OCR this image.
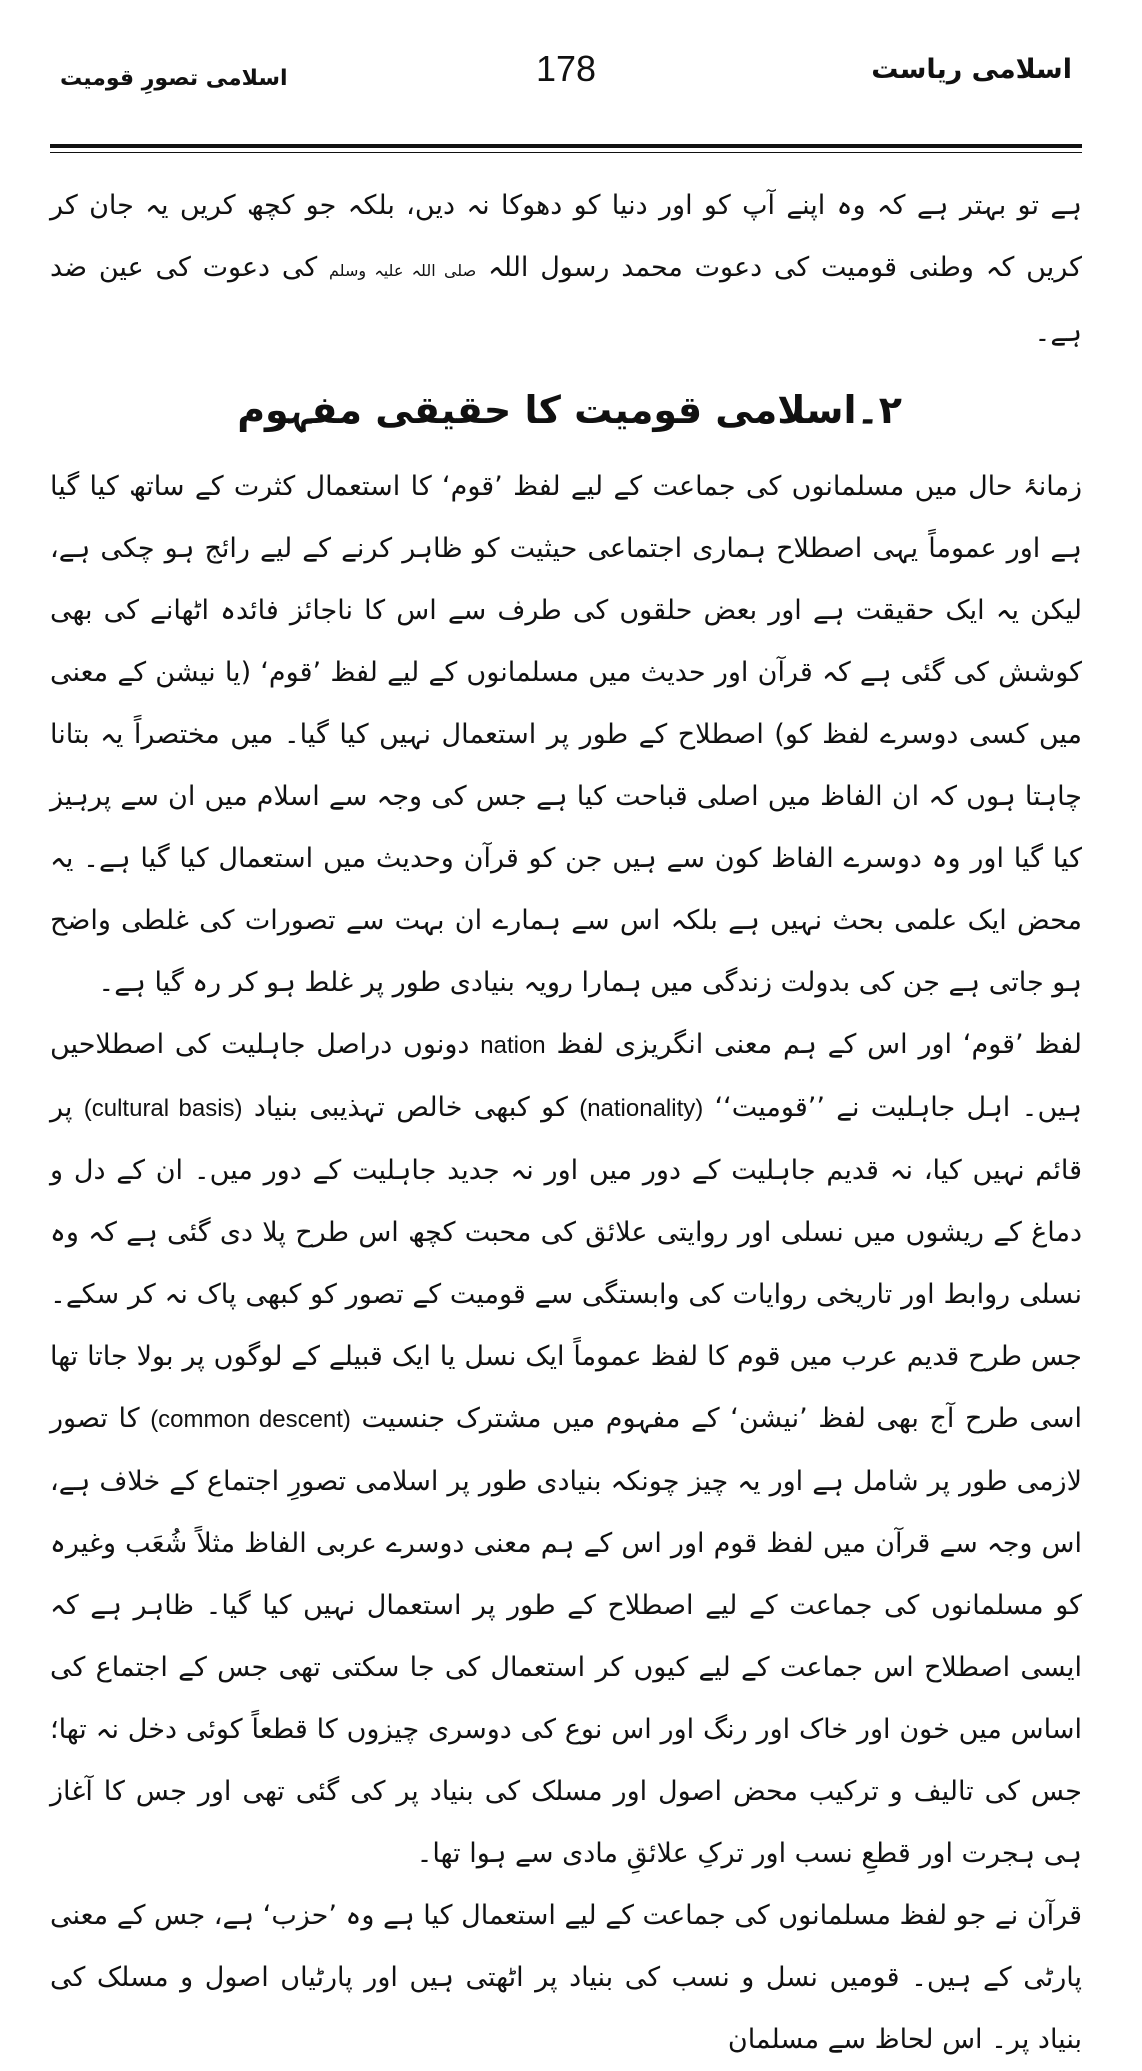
اسلامی ریاست
178
اسلامی تصورِ قومیت

ہے تو بہتر ہے کہ وہ اپنے آپ کو اور دنیا کو دھوکا نہ دیں، بلکہ جو کچھ کریں یہ جان کر کریں کہ وطنی قومیت کی دعوت محمد رسول اللہ صلی اللہ علیہ وسلم کی دعوت کی عین ضد ہے۔

۲۔اسلامی قومیت کا حقیقی مفہوم

زمانۂ حال میں مسلمانوں کی جماعت کے لیے لفظ ’قوم‘ کا استعمال کثرت کے ساتھ کیا گیا ہے اور عموماً یہی اصطلاح ہماری اجتماعی حیثیت کو ظاہر کرنے کے لیے رائج ہو چکی ہے، لیکن یہ ایک حقیقت ہے اور بعض حلقوں کی طرف سے اس کا ناجائز فائدہ اٹھانے کی بھی کوشش کی گئی ہے کہ قرآن اور حدیث میں مسلمانوں کے لیے لفظ ’قوم‘ (یا نیشن کے معنی میں کسی دوسرے لفظ کو) اصطلاح کے طور پر استعمال نہیں کیا گیا۔ میں مختصراً یہ بتانا چاہتا ہوں کہ ان الفاظ میں اصلی قباحت کیا ہے جس کی وجہ سے اسلام میں ان سے پرہیز کیا گیا اور وہ دوسرے الفاظ کون سے ہیں جن کو قرآن وحدیث میں استعمال کیا گیا ہے۔ یہ محض ایک علمی بحث نہیں ہے بلکہ اس سے ہمارے ان بہت سے تصورات کی غلطی واضح ہو جاتی ہے جن کی بدولت زندگی میں ہمارا رویہ بنیادی طور پر غلط ہو کر رہ گیا ہے۔

لفظ ’قوم‘ اور اس کے ہم معنی انگریزی لفظ nation دونوں دراصل جاہلیت کی اصطلاحیں ہیں۔ اہل جاہلیت نے ’’قومیت‘‘ (nationality) کو کبھی خالص تہذیبی بنیاد (cultural basis) پر قائم نہیں کیا، نہ قدیم جاہلیت کے دور میں اور نہ جدید جاہلیت کے دور میں۔ ان کے دل و دماغ کے ریشوں میں نسلی اور روایتی علائق کی محبت کچھ اس طرح پلا دی گئی ہے کہ وہ نسلی روابط اور تاریخی روایات کی وابستگی سے قومیت کے تصور کو کبھی پاک نہ کر سکے۔ جس طرح قدیم عرب میں قوم کا لفظ عموماً ایک نسل یا ایک قبیلے کے لوگوں پر بولا جاتا تھا اسی طرح آج بھی لفظ ’نیشن‘ کے مفہوم میں مشترک جنسیت (common descent) کا تصور لازمی طور پر شامل ہے اور یہ چیز چونکہ بنیادی طور پر اسلامی تصورِ اجتماع کے خلاف ہے، اس وجہ سے قرآن میں لفظ قوم اور اس کے ہم معنی دوسرے عربی الفاظ مثلاً شُعَب وغیرہ کو مسلمانوں کی جماعت کے لیے اصطلاح کے طور پر استعمال نہیں کیا گیا۔ ظاہر ہے کہ ایسی اصطلاح اس جماعت کے لیے کیوں کر استعمال کی جا سکتی تھی جس کے اجتماع کی اساس میں خون اور خاک اور رنگ اور اس نوع کی دوسری چیزوں کا قطعاً کوئی دخل نہ تھا؛ جس کی تالیف و ترکیب محض اصول اور مسلک کی بنیاد پر کی گئی تھی اور جس کا آغاز ہی ہجرت اور قطعِ نسب اور ترکِ علائقِ مادی سے ہوا تھا۔

قرآن نے جو لفظ مسلمانوں کی جماعت کے لیے استعمال کیا ہے وہ ’حزب‘ ہے، جس کے معنی پارٹی کے ہیں۔ قومیں نسل و نسب کی بنیاد پر اٹھتی ہیں اور پارٹیاں اصول و مسلک کی بنیاد پر۔ اس لحاظ سے مسلمان
